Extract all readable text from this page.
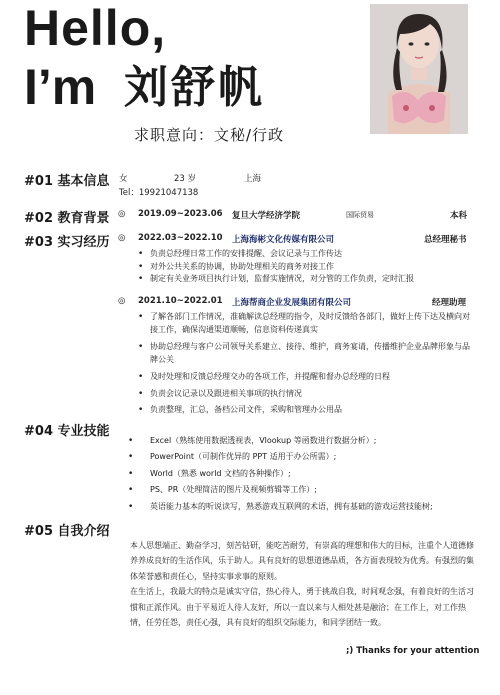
Hello,
I’m 刘舒帆
求职意向：文秘/行政
#01 基本信息 女	23 岁	上海
Tel：19921047138
#02 教育背景 ◎ 2019.09~2023.06 复旦大学经济学院	国际贸易	本科
#03 实习经历 ◎ 2022.03~2022.10 上海海彬文化传媒有限公司	总经理秘书
• 负责总经理日常工作的安排提醒、会议记录与工作传达
• 对外公共关系的协调，协助处理相关的商务对接工作
• 制定有关业务项目执行计划，监督实施情况，对分管的工作负责，定时汇报
◎ 2021.10~2022.01 上海帮商企业发展集团有限公司	经理助理
• 了解各部门工作情况，准确解读总经理的指令，及时反馈给各部门，做好上传下达及横向对接工作，确保沟通渠道顺畅，信息资料传递真实
• 协助总经理与客户公司领导关系建立、接待、维护，商务宴请，传播维护企业品牌形象与品牌公关
• 及时处理和反馈总经理交办的各项工作，并提醒和督办总经理的日程
• 负责会议记录以及跟进相关事项的执行情况
• 负责整理，汇总，备档公司文件，采购和管理办公用品
#04 专业技能
• Excel（熟练使用数据透视表，Vlookup 等函数进行数据分析）;
• PowerPoint（可制作优异的 PPT 适用于办公所需）;
• World（熟悉 world 文档的各种操作）;
• PS、PR（处理简洁的图片及视频剪辑等工作）;
• 英语能力基本的听说读写，熟悉游戏互联网的术语，拥有基础的游戏运营技能树;
#05 自我介绍

本人思想端正、勤奋学习，刻苦钻研，能吃苦耐劳，有崇高的理想和伟大的目标，注重个人道德修养养成良好的生活作风，乐于助人。具有良好的思想道德品质，各方面表现较为优秀。有强烈的集体荣誉感和责任心，坚持实事求事的原则。

在生活上，我最大的特点是诚实守信，热心待人，勇于挑战自我，时间观念强，有着良好的生活习惯和正派作风。由于平易近人待人友好，所以一直以来与人相处甚是融洽；在工作上，对工作热情，任劳任怨，责任心强，具有良好的组织交际能力，和同学团结一致。

;) Thanks for your attention
